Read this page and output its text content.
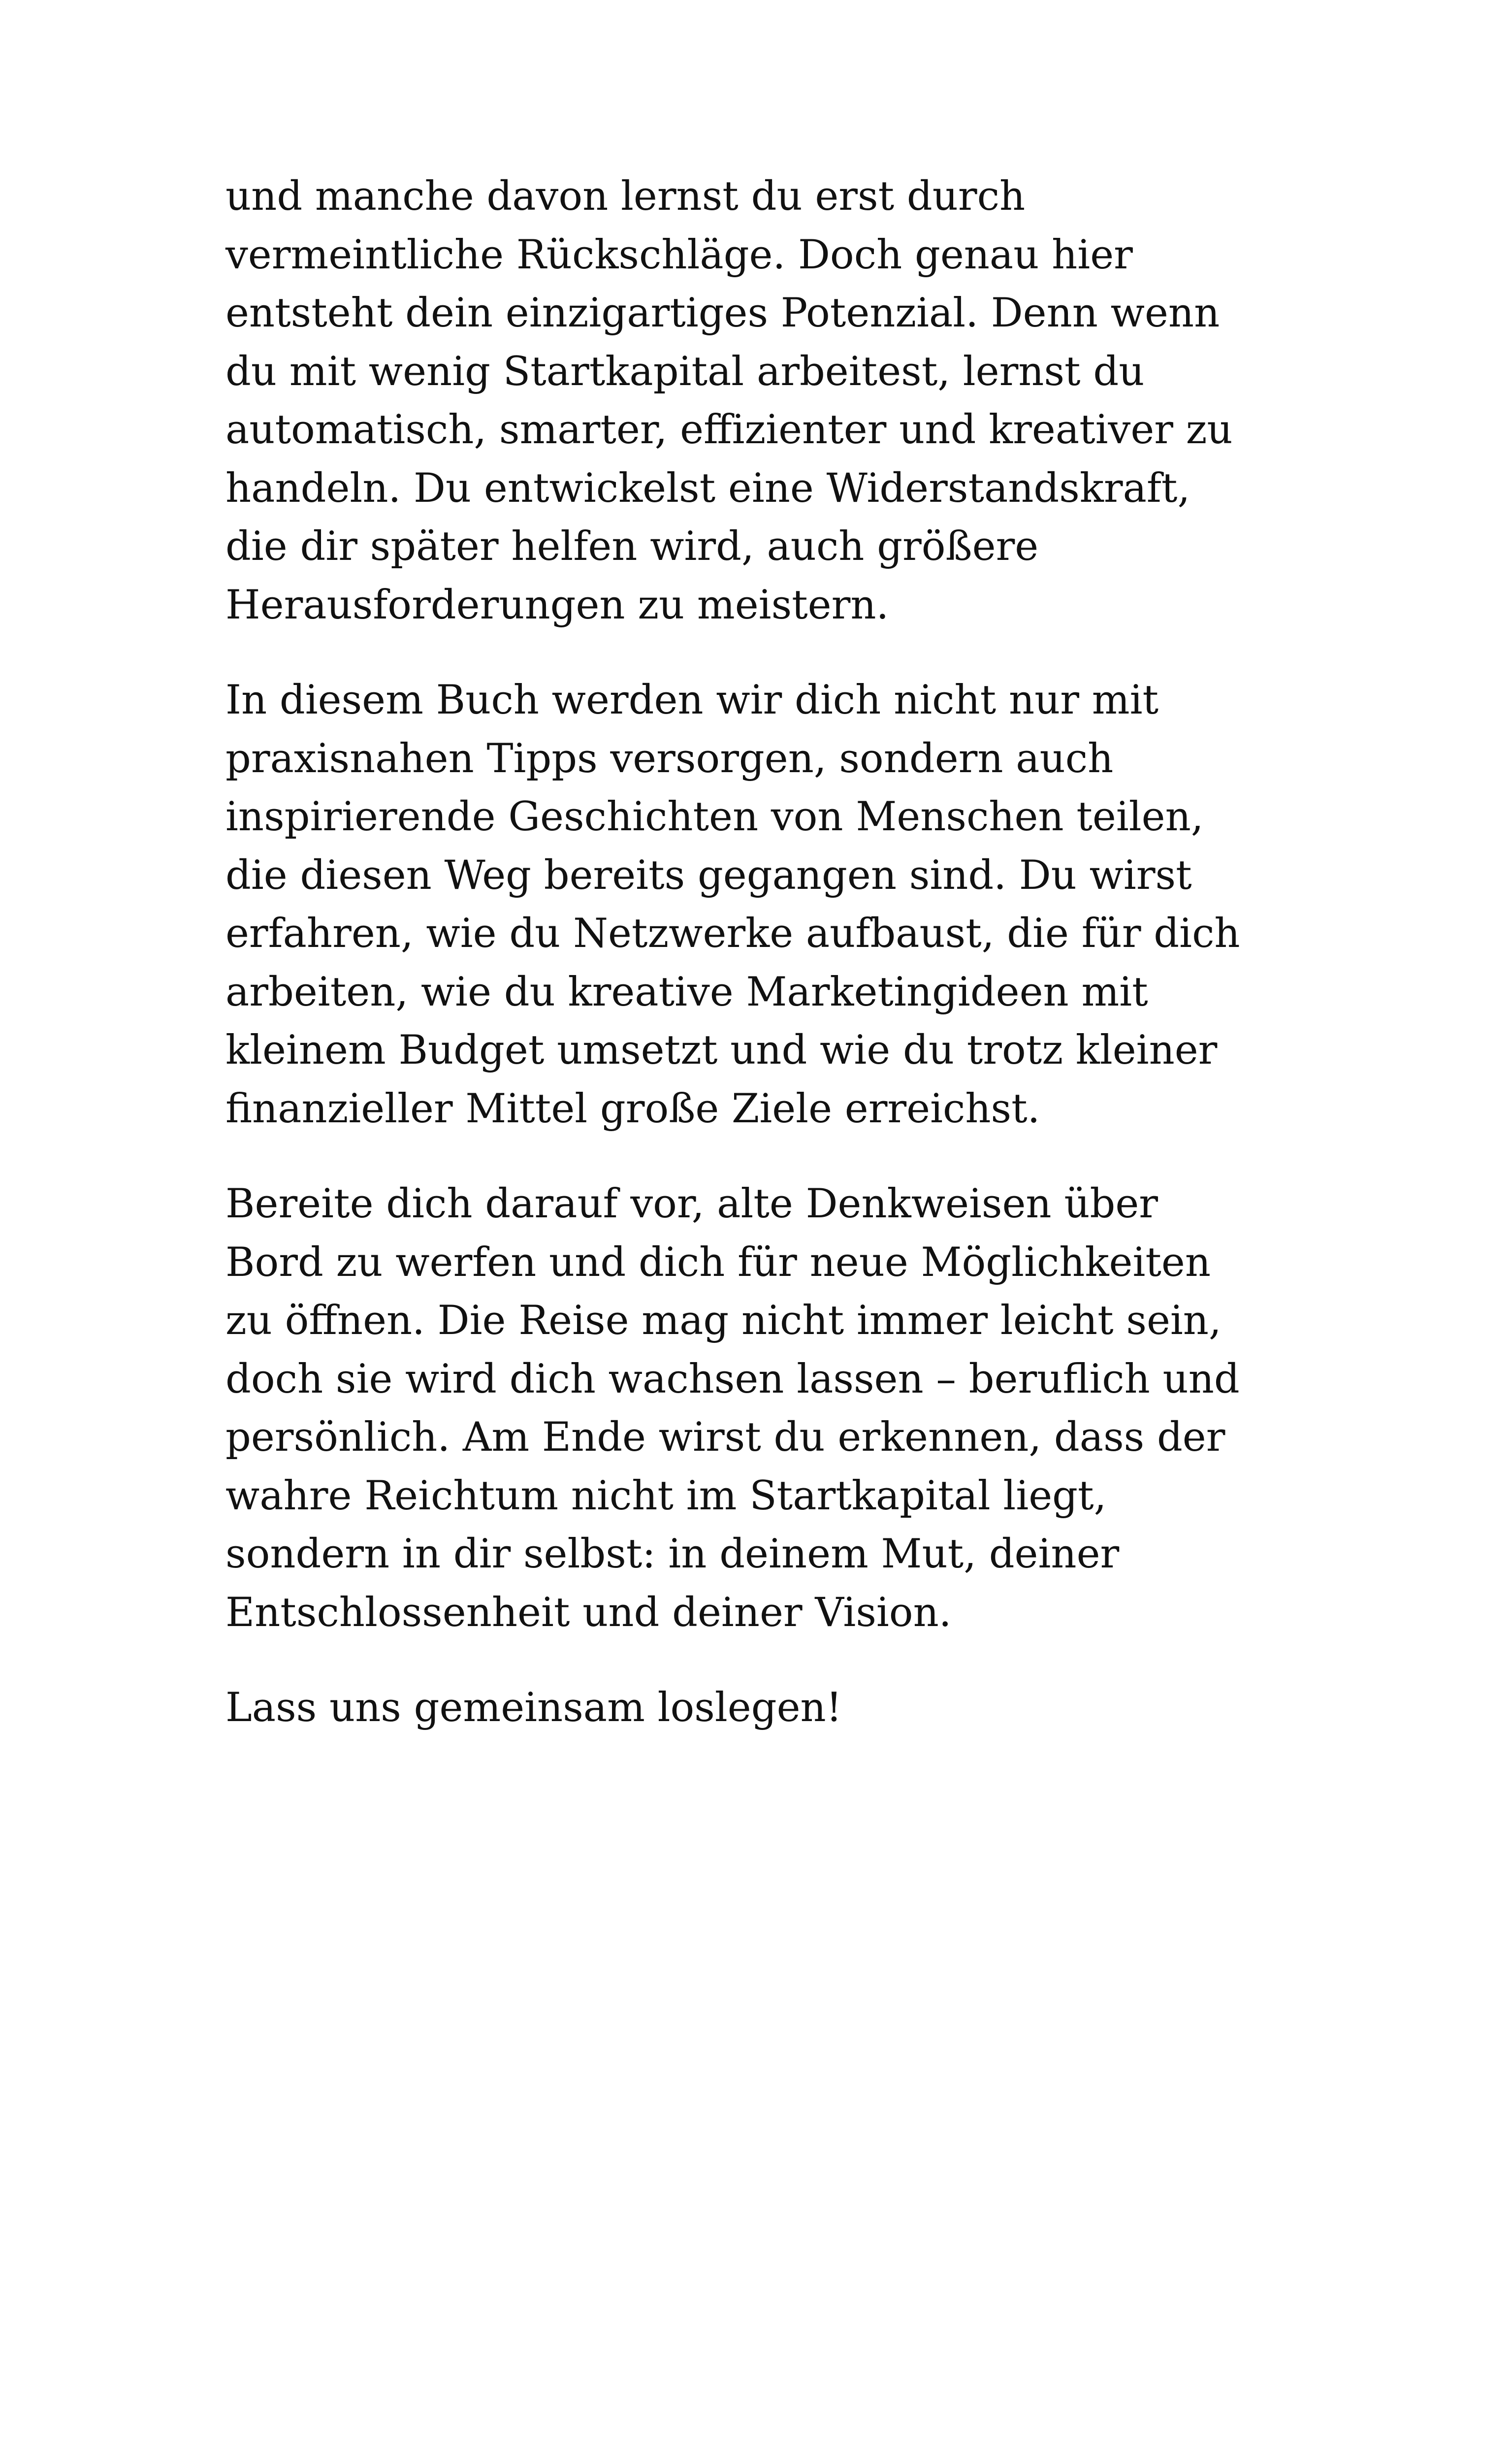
und manche davon lernst du erst durch
vermeintliche Rückschläge. Doch genau hier
entsteht dein einzigartiges Potenzial. Denn wenn
du mit wenig Startkapital arbeitest, lernst du
automatisch, smarter, effizienter und kreativer zu
handeln. Du entwickelst eine Widerstandskraft,
die dir später helfen wird, auch größere
Herausforderungen zu meistern.

In diesem Buch werden wir dich nicht nur mit
praxisnahen Tipps versorgen, sondern auch
inspirierende Geschichten von Menschen teilen,
die diesen Weg bereits gegangen sind. Du wirst
erfahren, wie du Netzwerke aufbaust, die für dich
arbeiten, wie du kreative Marketingideen mit
kleinem Budget umsetzt und wie du trotz kleiner
finanzieller Mittel große Ziele erreichst.

Bereite dich darauf vor, alte Denkweisen über
Bord zu werfen und dich für neue Möglichkeiten
zu öffnen. Die Reise mag nicht immer leicht sein,
doch sie wird dich wachsen lassen – beruflich und
persönlich. Am Ende wirst du erkennen, dass der
wahre Reichtum nicht im Startkapital liegt,
sondern in dir selbst: in deinem Mut, deiner
Entschlossenheit und deiner Vision.

Lass uns gemeinsam loslegen!
